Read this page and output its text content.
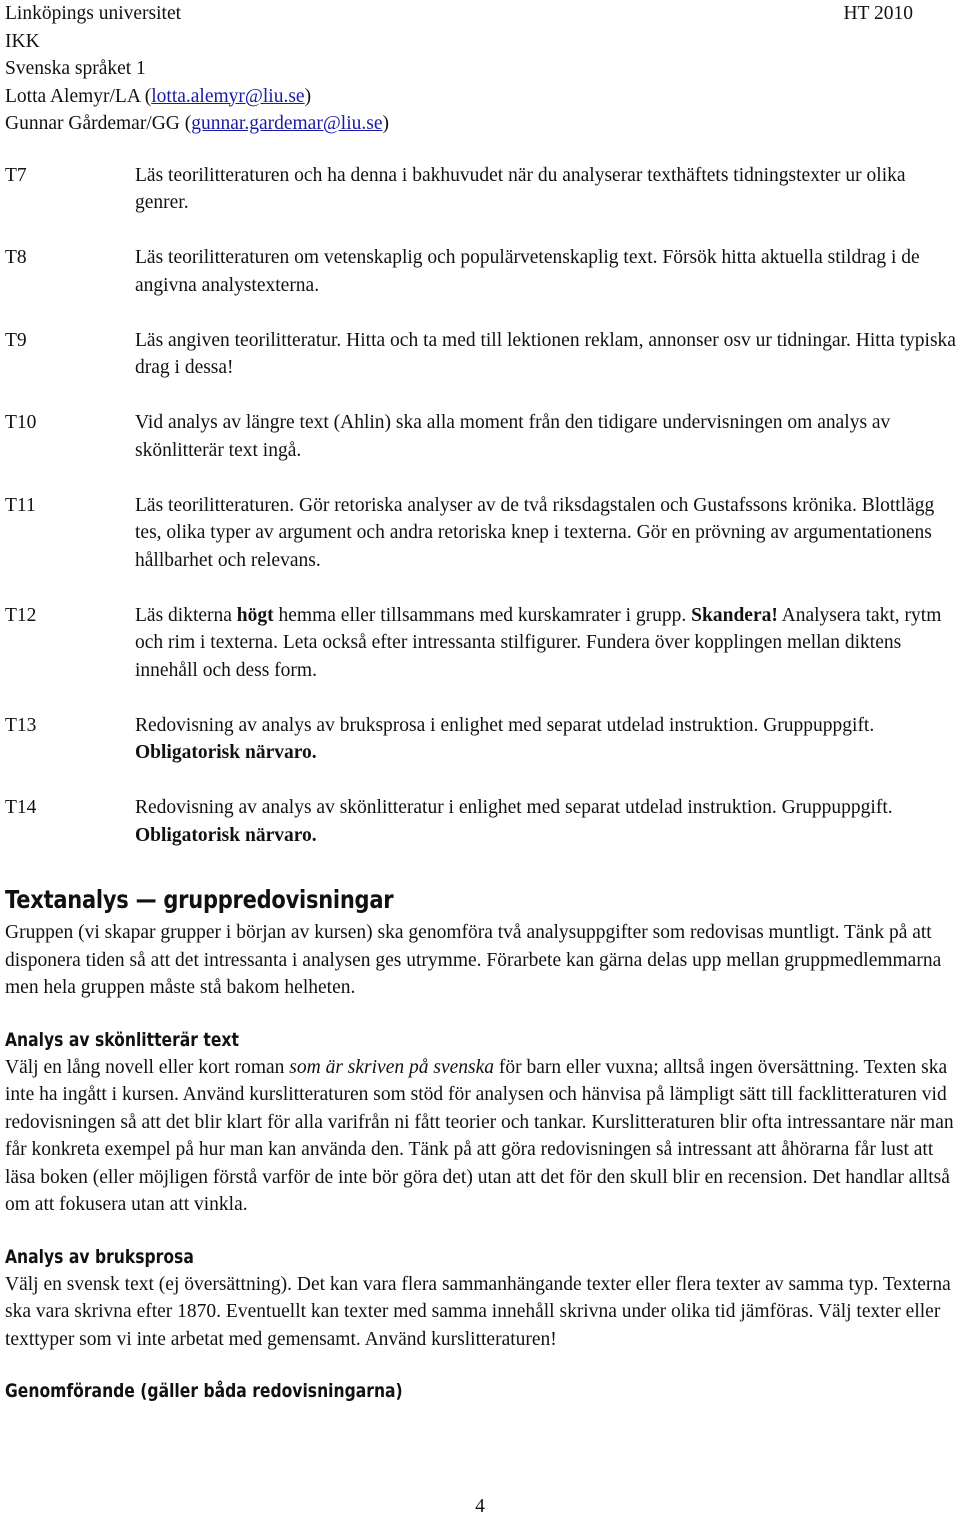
Linköpings universitet	HT 2010
IKK
Svenska språket 1
Lotta Alemyr/LA (lotta.alemyr@liu.se)
Gunnar Gårdemar/GG (gunnar.gardemar@liu.se)
T7	Läs teorilitteraturen och ha denna i bakhuvudet när du analyserar texthäftets tidningstexter ur olika genrer.

T8	Läs teorilitteraturen om vetenskaplig och populärvetenskaplig text. Försök hitta aktuella stildrag i de angivna analystexterna.

T9	Läs angiven teorilitteratur. Hitta och ta med till lektionen reklam, annonser osv ur tidningar. Hitta typiska drag i dessa!

T10	Vid analys av längre text (Ahlin) ska alla moment från den tidigare undervisningen om analys av skönlitterär text ingå.

T11	Läs teorilitteraturen. Gör retoriska analyser av de två riksdagstalen och Gustafssons krönika. Blottlägg tes, olika typer av argument och andra retoriska knep i texterna. Gör en prövning av argumentationens hållbarhet och relevans.

T12	Läs dikterna högt hemma eller tillsammans med kurskamrater i grupp. Skandera! Analysera takt, rytm och rim i texterna. Leta också efter intressanta stilfigurer. Fundera över kopplingen mellan diktens innehåll och dess form.

T13	Redovisning av analys av bruksprosa i enlighet med separat utdelad instruktion. Gruppuppgift. Obligatorisk närvaro.

T14	Redovisning av analys av skönlitteratur i enlighet med separat utdelad instruktion. Gruppuppgift. Obligatorisk närvaro.

Textanalys — gruppredovisningar

Gruppen (vi skapar grupper i början av kursen) ska genomföra två analysuppgifter som redovisas muntligt. Tänk på att disponera tiden så att det intressanta i analysen ges utrymme. Förarbete kan gärna delas upp mellan gruppmedlemmarna men hela gruppen måste stå bakom helheten.

Analys av skönlitterär text

Välj en lång novell eller kort roman som är skriven på svenska för barn eller vuxna; alltså ingen översättning. Texten ska inte ha ingått i kursen. Använd kurslitteraturen som stöd för analysen och hänvisa på lämpligt sätt till facklitteraturen vid redovisningen så att det blir klart för alla varifrån ni fått teorier och tankar. Kurslitteraturen blir ofta intressantare när man får konkreta exempel på hur man kan använda den. Tänk på att göra redovisningen så intressant att åhörarna får lust att läsa boken (eller möjligen förstå varför de inte bör göra det) utan att det för den skull blir en recension. Det handlar alltså om att fokusera utan att vinkla.

Analys av bruksprosa

Välj en svensk text (ej översättning). Det kan vara flera sammanhängande texter eller flera texter av samma typ. Texterna ska vara skrivna efter 1870. Eventuellt kan texter med samma innehåll skrivna under olika tid jämföras. Välj texter eller texttyper som vi inte arbetat med gemensamt. Använd kurslitteraturen!

Genomförande (gäller båda redovisningarna)
4
